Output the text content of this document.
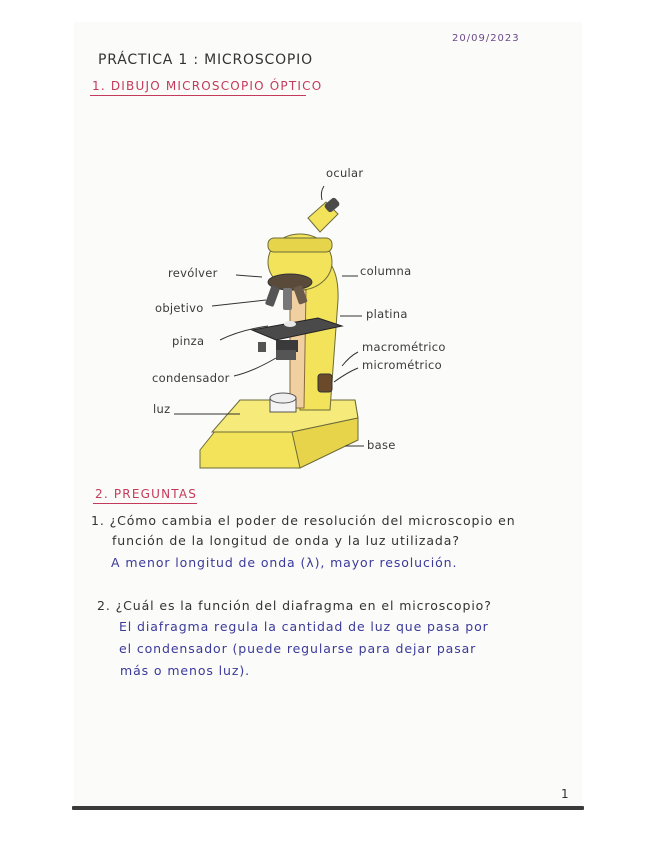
20/09/2023
PRÁCTICA 1 : MICROSCOPIO
1. DIBUJO MICROSCOPIO ÓPTICO
ocular
revólver
objetivo
pinza
condensador
luz
columna
platina
macrométrico
micrométrico
base
2. PREGUNTAS
1. ¿Cómo cambia el poder de resolución del microscopio en
función de la longitud de onda y la luz utilizada?
A menor longitud de onda (λ), mayor resolución.
2. ¿Cuál es la función del diafragma en el microscopio?
El diafragma regula la cantidad de luz que pasa por
el condensador (puede regularse para dejar pasar
más o menos luz).
1
